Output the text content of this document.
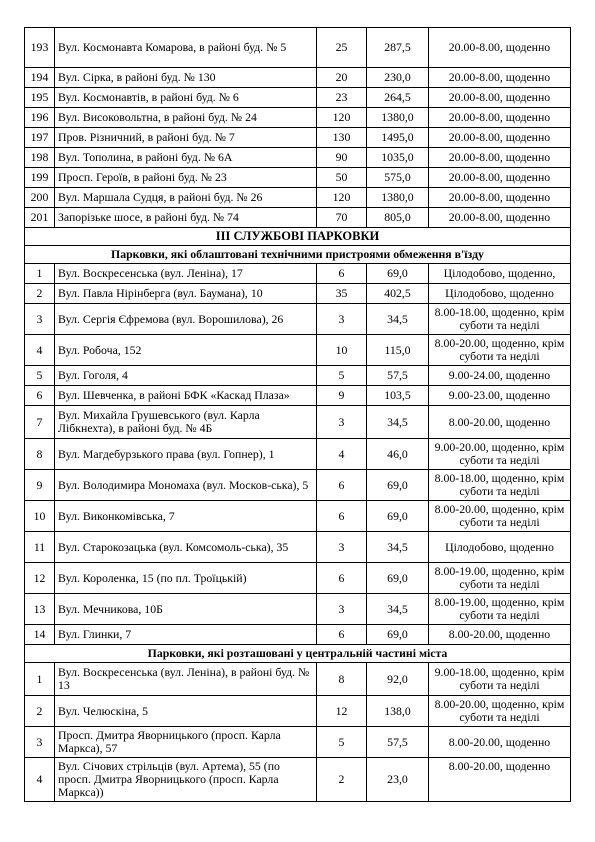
193	Вул. Космонавта Комарова, в районі буд. № 5	25	287,5	20.00-8.00, щоденно
194	Вул. Сірка, в районі буд. № 130	20	230,0	20.00-8.00, щоденно
195	Вул. Космонавтів, в районі буд. № 6	23	264,5	20.00-8.00, щоденно
196	Вул. Високовольтна, в районі буд. № 24	120	1380,0	20.00-8.00, щоденно
197	Пров. Різничний, в районі буд. № 7	130	1495,0	20.00-8.00, щоденно
198	Вул. Тополина, в районі буд. № 6А	90	1035,0	20.00-8.00, щоденно
199	Просп. Героїв, в районі буд. № 23	50	575,0	20.00-8.00, щоденно
200	Вул. Маршала Судця, в районі буд. № 26	120	1380,0	20.00-8.00, щоденно
201	Запорізьке шосе, в районі буд. № 74	70	805,0	20.00-8.00, щоденно
III СЛУЖБОВІ ПАРКОВКИ				
Парковки, які облаштовані технічними пристроями обмеження в'їзду				
1	Вул. Воскресенська (вул. Леніна), 17	6	69,0	Цілодобово, щоденно,
2	Вул. Павла Нірінберга (вул. Баумана), 10	35	402,5	Цілодобово, щоденно
3	Вул. Сергія Єфремова (вул. Ворошилова), 26	3	34,5	8.00-18.00, щоденно, крім суботи та неділі
4	Вул. Робоча, 152	10	115,0	8.00-20.00, щоденно, крім суботи та неділі
5	Вул. Гоголя, 4	5	57,5	9.00-24.00, щоденно
6	Вул. Шевченка, в районі БФК «Каскад Плаза»	9	103,5	9.00-23.00, щоденно
7	Вул. Михайла Грушевського (вул. Карла Лібкнехта), в районі буд. № 4Б	3	34,5	8.00-20.00, щоденно
8	Вул. Магдебурзького права (вул. Гопнер), 1	4	46,0	9.00-20.00, щоденно, крім суботи та неділі
9	Вул. Володимира Мономаха (вул. Москов-ська), 5	6	69,0	8.00-18.00, щоденно, крім суботи та неділі
10	Вул. Виконкомівська, 7	6	69,0	8.00-20.00, щоденно, крім суботи та неділі
11	Вул. Старокозацька (вул. Комсомоль-ська), 35	3	34,5	Цілодобово, щоденно
12	Вул. Короленка, 15 (по пл. Троїцькій)	6	69,0	8.00-19.00, щоденно, крім суботи та неділі
13	Вул. Мечникова, 10Б	3	34,5	8.00-19.00, щоденно, крім суботи та неділі
14	Вул. Глинки, 7	6	69,0	8.00-20.00, щоденно
Парковки, які розташовані у центральній частині міста				
1	Вул. Воскресенська (вул. Леніна), в районі буд. № 13	8	92,0	9.00-18.00, щоденно, крім суботи та неділі
2	Вул. Челюскіна, 5	12	138,0	8.00-20.00, щоденно, крім суботи та неділі
3	Просп. Дмитра Яворницького (просп. Карла Маркса), 57	5	57,5	8.00-20.00, щоденно
4	Вул. Січових стрільців (вул. Артема), 55 (по просп. Дмитра Яворницького (просп. Карла Маркса))	2	23,0	8.00-20.00, щоденно
